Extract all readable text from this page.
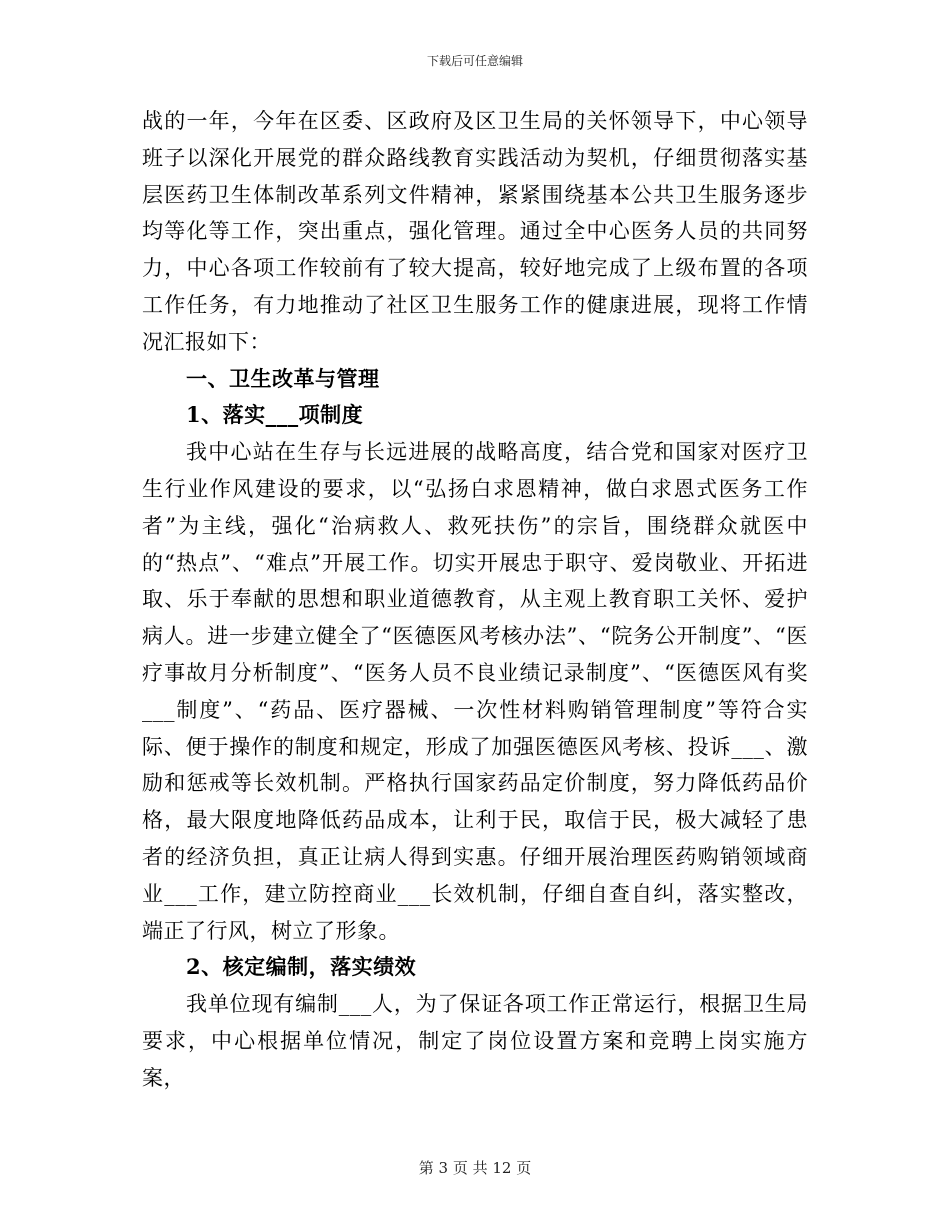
下载后可任意编辑

战的一年，今年在区委、区政府及区卫生局的关怀领导下，中心领导班子以深化开展党的群众路线教育实践活动为契机，仔细贯彻落实基层医药卫生体制改革系列文件精神，紧紧围绕基本公共卫生服务逐步均等化等工作，突出重点，强化管理。通过全中心医务人员的共同努力，中心各项工作较前有了较大提高，较好地完成了上级布置的各项工作任务，有力地推动了社区卫生服务工作的健康进展，现将工作情况汇报如下：

一、卫生改革与管理
1、落实___项制度

我中心站在生存与长远进展的战略高度，结合党和国家对医疗卫生行业作风建设的要求，以“弘扬白求恩精神，做白求恩式医务工作者”为主线，强化“治病救人、救死扶伤”的宗旨，围绕群众就医中的“热点”、“难点”开展工作。切实开展忠于职守、爱岗敬业、开拓进取、乐于奉献的思想和职业道德教育，从主观上教育职工关怀、爱护病人。进一步建立健全了“医德医风考核办法”、“院务公开制度”、“医疗事故月分析制度”、“医务人员不良业绩记录制度”、“医德医风有奖___制度”、“药品、医疗器械、一次性材料购销管理制度”等符合实际、便于操作的制度和规定，形成了加强医德医风考核、投诉___、激励和惩戒等长效机制。严格执行国家药品定价制度，努力降低药品价格，最大限度地降低药品成本，让利于民，取信于民，极大减轻了患者的经济负担，真正让病人得到实惠。仔细开展治理医药购销领域商业___工作，建立防控商业___长效机制，仔细自查自纠，落实整改，端正了行风，树立了形象。

2、核定编制，落实绩效

我单位现有编制___人，为了保证各项工作正常运行，根据卫生局要求，中心根据单位情况，制定了岗位设置方案和竞聘上岗实施方案，

第 3 页 共 12 页
